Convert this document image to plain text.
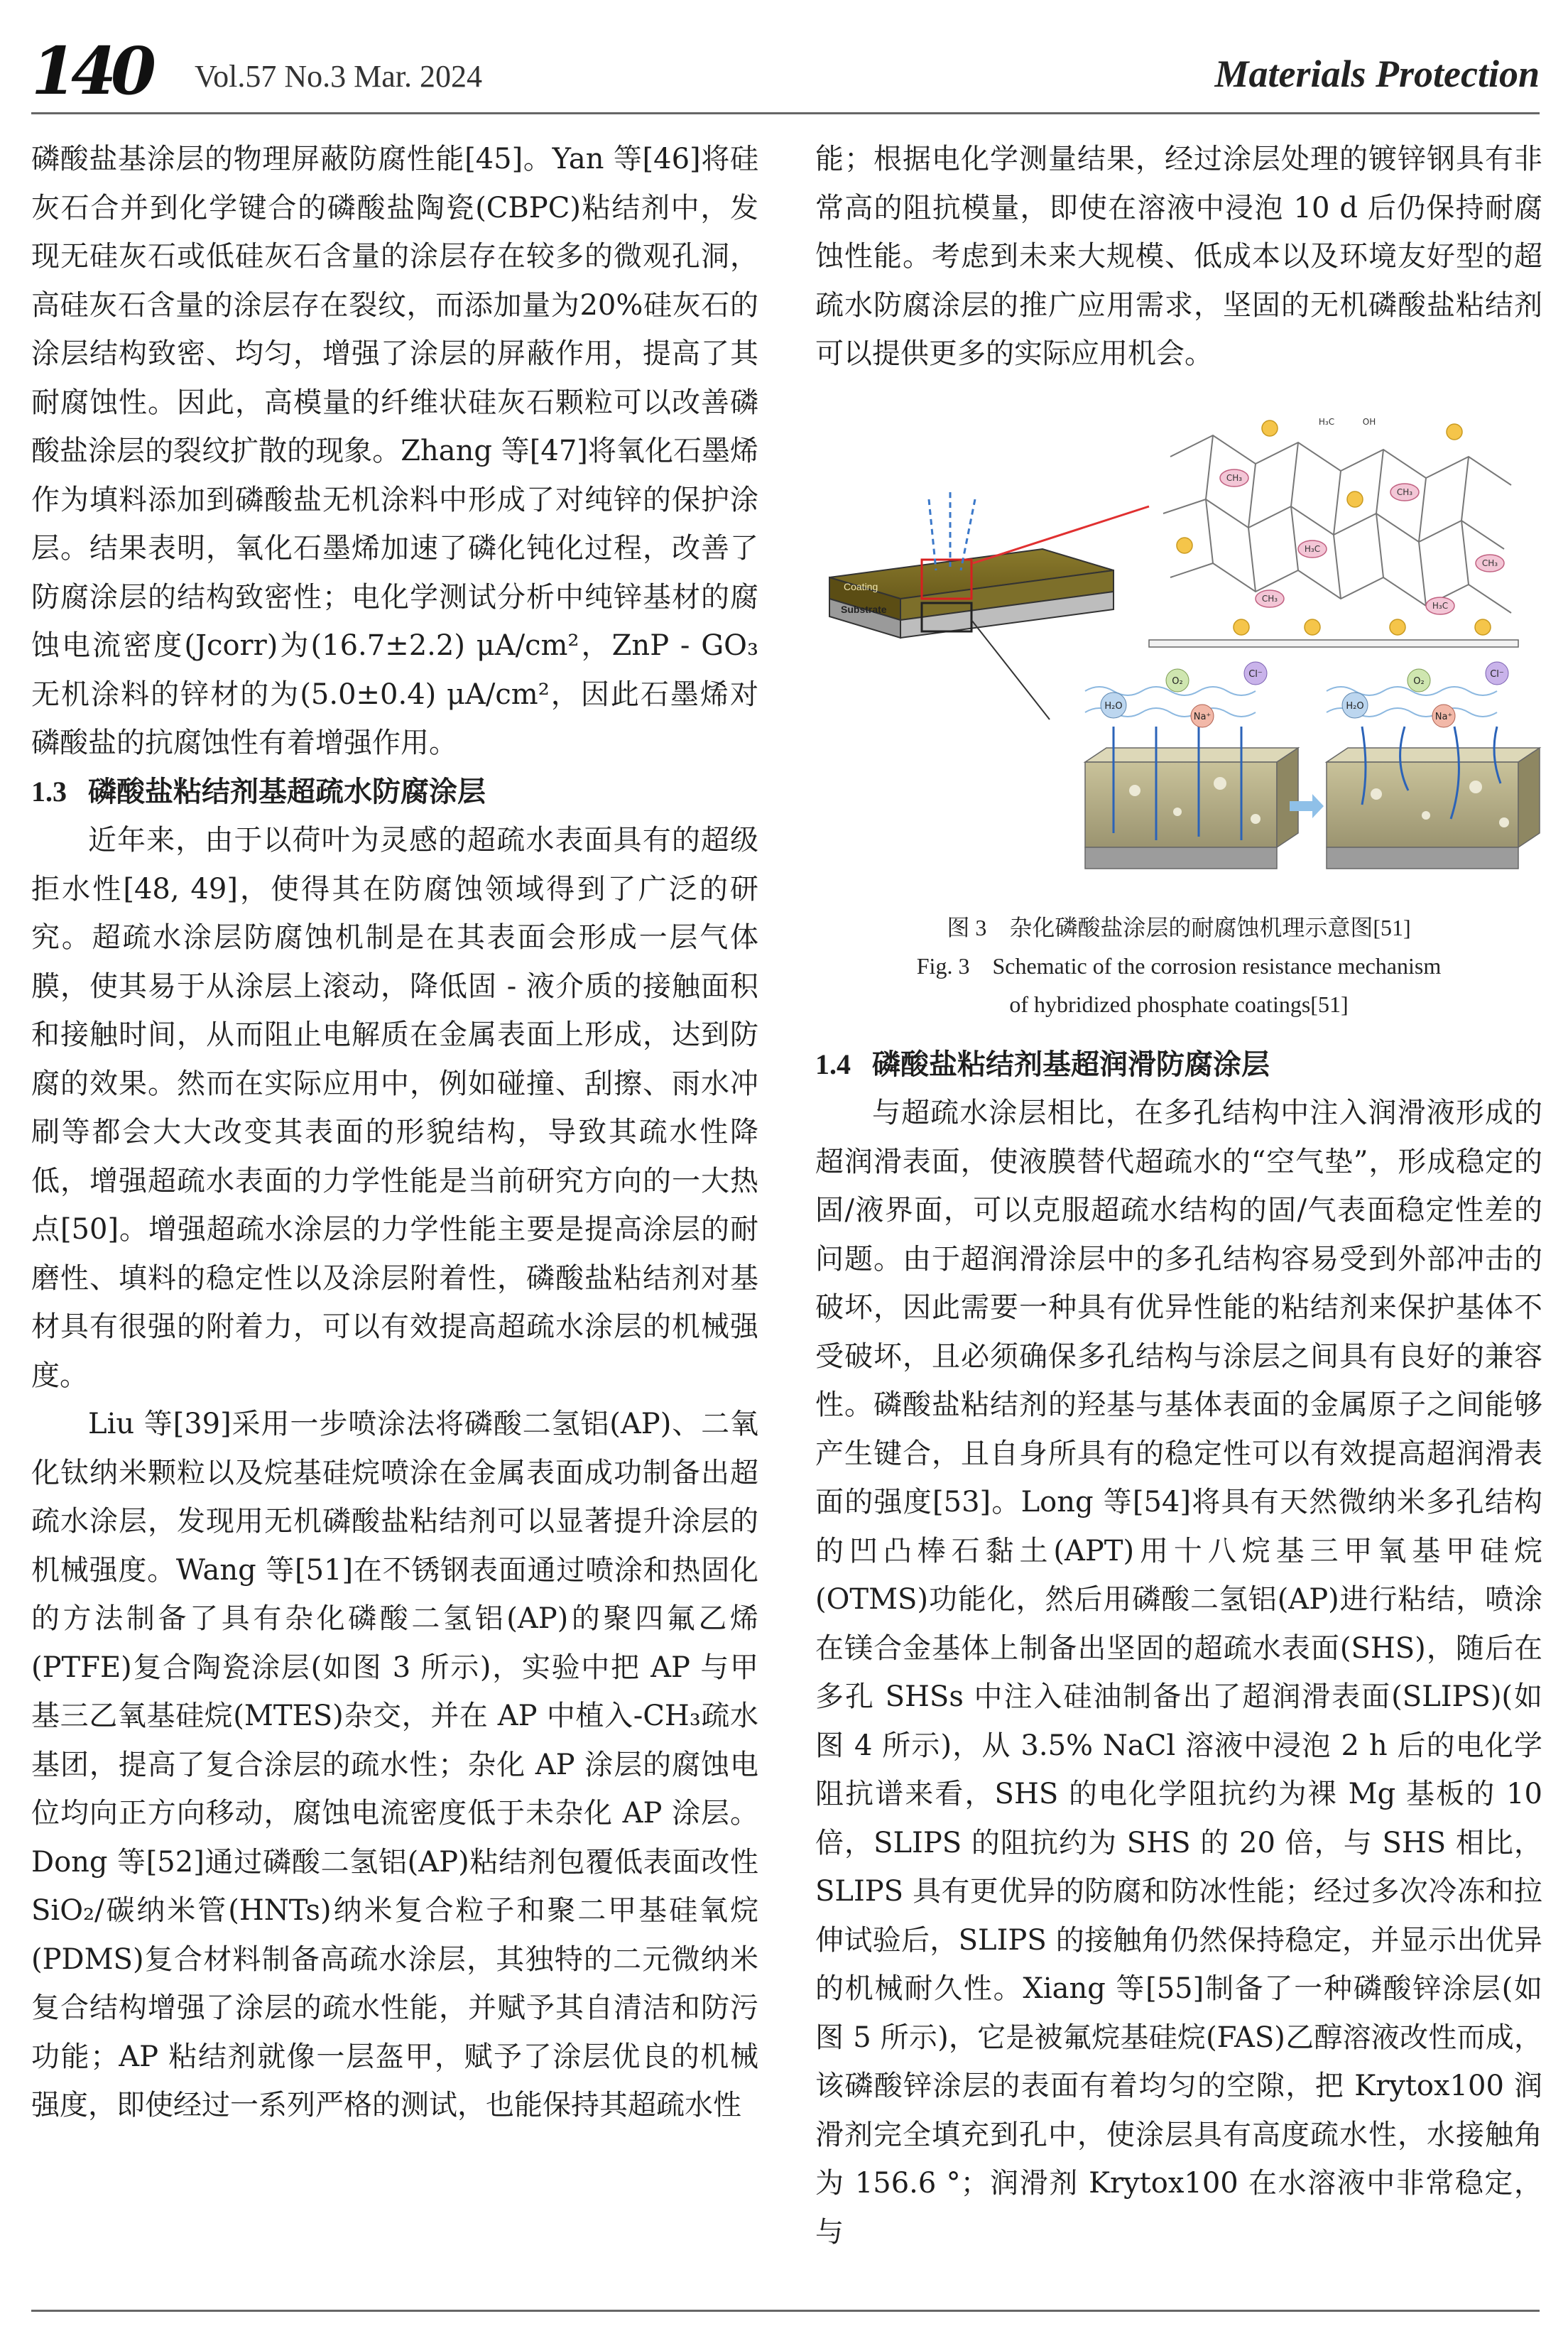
140 Vol.57 No.3 Mar. 2024	Materials Protection

磷酸盐基涂层的物理屏蔽防腐性能[45]。Yan 等[46]将硅灰石合并到化学键合的磷酸盐陶瓷(CBPC)粘结剂中，发现无硅灰石或低硅灰石含量的涂层存在较多的微观孔洞，高硅灰石含量的涂层存在裂纹，而添加量为20%硅灰石的涂层结构致密、均匀，增强了涂层的屏蔽作用，提高了其耐腐蚀性。因此，高模量的纤维状硅灰石颗粒可以改善磷酸盐涂层的裂纹扩散的现象。Zhang 等[47]将氧化石墨烯作为填料添加到磷酸盐无机涂料中形成了对纯锌的保护涂层。结果表明，氧化石墨烯加速了磷化钝化过程，改善了防腐涂层的结构致密性；电化学测试分析中纯锌基材的腐蚀电流密度(Jcorr)为(16.7±2.2) μA/cm²，ZnP - GO₃无机涂料的锌材的为(5.0±0.4) μA/cm²，因此石墨烯对磷酸盐的抗腐蚀性有着增强作用。

1.3 磷酸盐粘结剂基超疏水防腐涂层

近年来，由于以荷叶为灵感的超疏水表面具有的超级拒水性[48, 49]，使得其在防腐蚀领域得到了广泛的研究。超疏水涂层防腐蚀机制是在其表面会形成一层气体膜，使其易于从涂层上滚动，降低固 - 液介质的接触面积和接触时间，从而阻止电解质在金属表面上形成，达到防腐的效果。然而在实际应用中，例如碰撞、刮擦、雨水冲刷等都会大大改变其表面的形貌结构，导致其疏水性降低，增强超疏水表面的力学性能是当前研究方向的一大热点[50]。增强超疏水涂层的力学性能主要是提高涂层的耐磨性、填料的稳定性以及涂层附着性，磷酸盐粘结剂对基材具有很强的附着力，可以有效提高超疏水涂层的机械强度。

Liu 等[39]采用一步喷涂法将磷酸二氢铝(AP)、二氧化钛纳米颗粒以及烷基硅烷喷涂在金属表面成功制备出超疏水涂层，发现用无机磷酸盐粘结剂可以显著提升涂层的机械强度。Wang 等[51]在不锈钢表面通过喷涂和热固化的方法制备了具有杂化磷酸二氢铝(AP)的聚四氟乙烯(PTFE)复合陶瓷涂层(如图 3 所示)，实验中把 AP 与甲基三乙氧基硅烷(MTES)杂交，并在 AP 中植入-CH₃疏水基团，提高了复合涂层的疏水性；杂化 AP 涂层的腐蚀电位均向正方向移动，腐蚀电流密度低于未杂化 AP 涂层。Dong 等[52]通过磷酸二氢铝(AP)粘结剂包覆低表面改性 SiO₂/碳纳米管(HNTs)纳米复合粒子和聚二甲基硅氧烷(PDMS)复合材料制备高疏水涂层，其独特的二元微纳米复合结构增强了涂层的疏水性能，并赋予其自清洁和防污功能；AP 粘结剂就像一层盔甲，赋予了涂层优良的机械强度，即使经过一系列严格的测试，也能保持其超疏水性

能；根据电化学测量结果，经过涂层处理的镀锌钢具有非常高的阻抗模量，即使在溶液中浸泡 10 d 后仍保持耐腐蚀性能。考虑到未来大规模、低成本以及环境友好型的超疏水防腐涂层的推广应用需求，坚固的无机磷酸盐粘结剂可以提供更多的实际应用机会。

CH₃
CH₃
H₃C
CH₃
CH₃
H₃C
H₃C	OH
Coating
Substrate
H₂O
O₂
Cl⁻
Na⁺
H₂O
O₂
Cl⁻
Na⁺

图 3　杂化磷酸盐涂层的耐腐蚀机理示意图[51]
Fig. 3　Schematic of the corrosion resistance mechanism
of hybridized phosphate coatings[51]

1.4 磷酸盐粘结剂基超润滑防腐涂层

与超疏水涂层相比，在多孔结构中注入润滑液形成的超润滑表面，使液膜替代超疏水的“空气垫”，形成稳定的固/液界面，可以克服超疏水结构的固/气表面稳定性差的问题。由于超润滑涂层中的多孔结构容易受到外部冲击的破坏，因此需要一种具有优异性能的粘结剂来保护基体不受破坏，且必须确保多孔结构与涂层之间具有良好的兼容性。磷酸盐粘结剂的羟基与基体表面的金属原子之间能够产生键合，且自身所具有的稳定性可以有效提高超润滑表面的强度[53]。Long 等[54]将具有天然微纳米多孔结构的凹凸棒石黏土(APT)用十八烷基三甲氧基甲硅烷(OTMS)功能化，然后用磷酸二氢铝(AP)进行粘结，喷涂在镁合金基体上制备出坚固的超疏水表面(SHS)，随后在多孔 SHSs 中注入硅油制备出了超润滑表面(SLIPS)(如图 4 所示)，从 3.5% NaCl 溶液中浸泡 2 h 后的电化学阻抗谱来看，SHS 的电化学阻抗约为裸 Mg 基板的 10 倍，SLIPS 的阻抗约为 SHS 的 20 倍，与 SHS 相比，SLIPS 具有更优异的防腐和防冰性能；经过多次冷冻和拉伸试验后，SLIPS 的接触角仍然保持稳定，并显示出优异的机械耐久性。Xiang 等[55]制备了一种磷酸锌涂层(如图 5 所示)，它是被氟烷基硅烷(FAS)乙醇溶液改性而成，该磷酸锌涂层的表面有着均匀的空隙，把 Krytox100 润滑剂完全填充到孔中，使涂层具有高度疏水性，水接触角为 156.6 °；润滑剂 Krytox100 在水溶液中非常稳定，与
